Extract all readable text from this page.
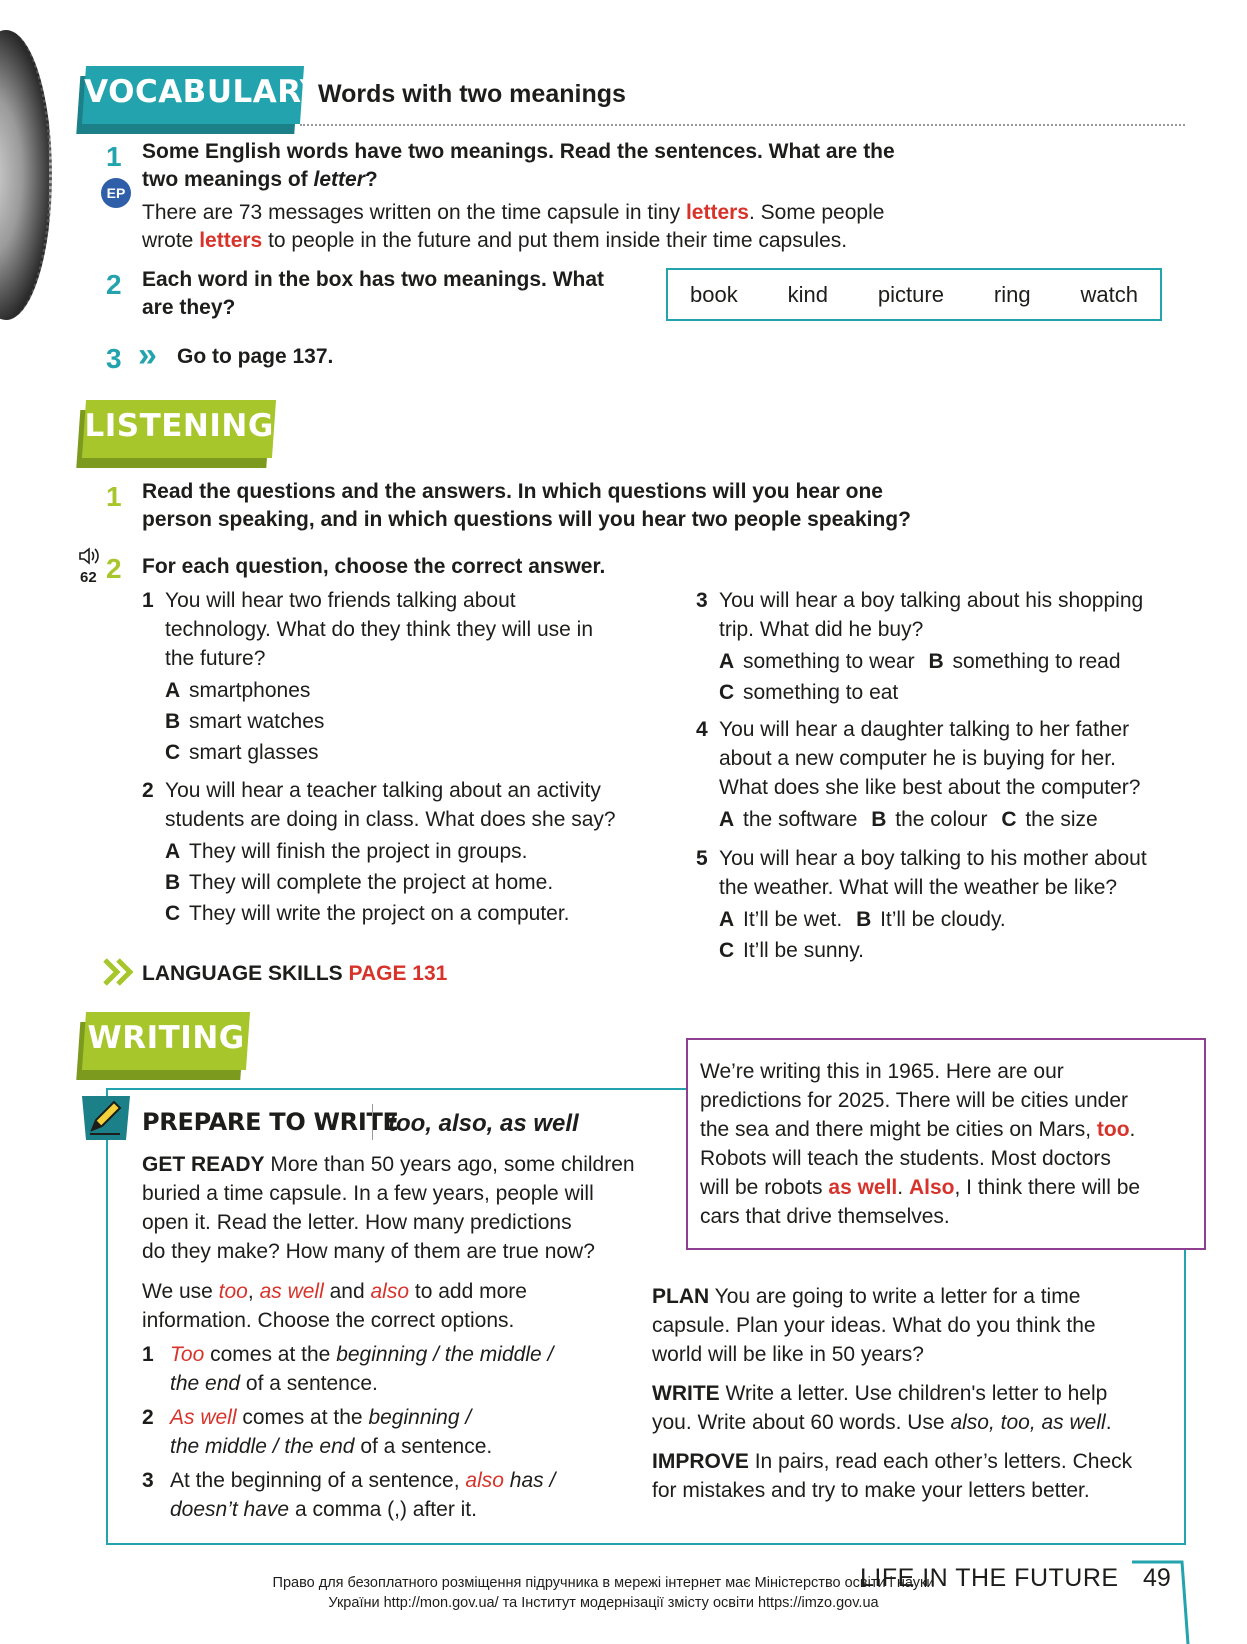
VOCABULARY
Words with two meanings
1 Some English words have two meanings. Read the sentences. What are the
two meanings of letter?
EP
There are 73 messages written on the time capsule in tiny letters. Some people
wrote letters to people in the future and put them inside their time capsules.
2 Each word in the box has two meanings. What
are they?
book kind picture ring watch
3 » Go to page 137.
LISTENING
1 Read the questions and the answers. In which questions will you hear one
person speaking, and in which questions will you hear two people speaking?
62 2 For each question, choose the correct answer.
1 You will hear two friends talking about
technology. What do they think they will use in
the future?
A smartphones
B smart watches
C smart glasses
2 You will hear a teacher talking about an activity
students are doing in class. What does she say?
A They will finish the project in groups.
B They will complete the project at home.
C They will write the project on a computer.
3 You will hear a boy talking about his shopping
trip. What did he buy?
A something to wear B something to read
C something to eat
4 You will hear a daughter talking to her father
about a new computer he is buying for her.
What does she like best about the computer?
A the software B the colour C the size
5 You will hear a boy talking to his mother about
the weather. What will the weather be like?
A It’ll be wet. B It’ll be cloudy.
C It’ll be sunny.
LANGUAGE SKILLS PAGE 131
WRITING
PREPARE TO WRITE
too, also, as well
GET READY More than 50 years ago, some children
buried a time capsule. In a few years, people will
open it. Read the letter. How many predictions
do they make? How many of them are true now?
We’re writing this in 1965. Here are our
predictions for 2025. There will be cities under
the sea and there might be cities on Mars, too.
Robots will teach the students. Most doctors
will be robots as well. Also, I think there will be
cars that drive themselves.
We use too, as well and also to add more
information. Choose the correct options.
1 Too comes at the beginning / the middle /
the end of a sentence.
2 As well comes at the beginning /
the middle / the end of a sentence.
3 At the beginning of a sentence, also has /
doesn’t have a comma (,) after it.
PLAN You are going to write a letter for a time
capsule. Plan your ideas. What do you think the
world will be like in 50 years?
WRITE Write a letter. Use children's letter to help
you. Write about 60 words. Use also, too, as well.
IMPROVE In pairs, read each other’s letters. Check
for mistakes and try to make your letters better.
LIFE IN THE FUTURE 49
Право для безоплатного розміщення підручника в мережі інтернет має Міністерство освіти і науки
України http://mon.gov.ua/ та Інститут модернізації змісту освіти https://imzo.gov.ua
